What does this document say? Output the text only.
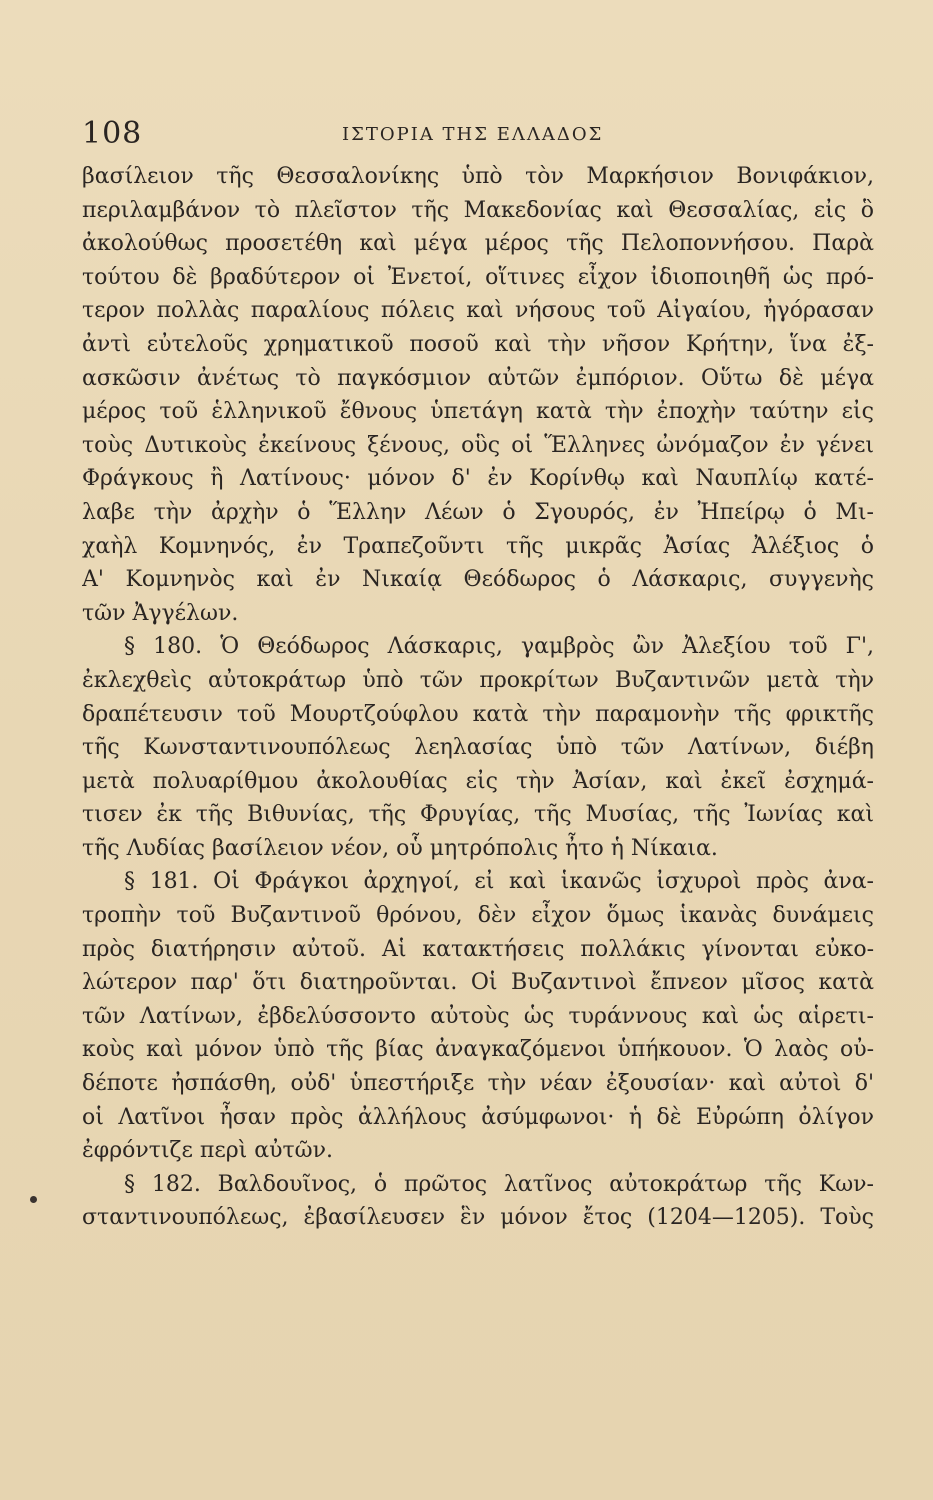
108	ΙΣΤΟΡΙΑ ΤΗΣ ΕΛΛΑΔΟΣ
βασίλειον τῆς Θεσσαλονίκης ὑπὸ τὸν Μαρκήσιον Βονιφάκιον,
περιλαμβάνον τὸ πλεῖστον τῆς Μακεδονίας καὶ Θεσσαλίας, εἰς ὃ
ἀκολούθως προσετέθη καὶ μέγα μέρος τῆς Πελοποννήσου. Παρὰ
τούτου δὲ βραδύτερον οἱ Ἐνετοί, οἵτινες εἶχον ἰδιοποιηθῆ ὡς πρό-
τερον πολλὰς παραλίους πόλεις καὶ νήσους τοῦ Αἰγαίου, ἠγόρασαν
ἀντὶ εὐτελοῦς χρηματικοῦ ποσοῦ καὶ τὴν νῆσον Κρήτην, ἵνα ἐξ-
ασκῶσιν ἀνέτως τὸ παγκόσμιον αὐτῶν ἐμπόριον. Οὕτω δὲ μέγα
μέρος τοῦ ἑλληνικοῦ ἔθνους ὑπετάγη κατὰ τὴν ἐποχὴν ταύτην εἰς
τοὺς Δυτικοὺς ἐκείνους ξένους, οὓς οἱ Ἕλληνες ὠνόμαζον ἐν γένει
Φράγκους ἢ Λατίνους· μόνον δ' ἐν Κορίνθῳ καὶ Ναυπλίῳ κατέ-
λαβε τὴν ἀρχὴν ὁ Ἕλλην Λέων ὁ Σγουρός, ἐν Ἠπείρῳ ὁ Μι-
χαὴλ Κομνηνός, ἐν Τραπεζοῦντι τῆς μικρᾶς Ἀσίας Ἀλέξιος ὁ
Α' Κομνηνὸς καὶ ἐν Νικαίᾳ Θεόδωρος ὁ Λάσκαρις, συγγενὴς
τῶν Ἀγγέλων.
§ 180. Ὁ Θεόδωρος Λάσκαρις, γαμβρὸς ὢν Ἀλεξίου τοῦ Γ',
ἐκλεχθεὶς αὐτοκράτωρ ὑπὸ τῶν προκρίτων Βυζαντινῶν μετὰ τὴν
δραπέτευσιν τοῦ Μουρτζούφλου κατὰ τὴν παραμονὴν τῆς φρικτῆς
τῆς Κωνσταντινουπόλεως λεηλασίας ὑπὸ τῶν Λατίνων, διέβη
μετὰ πολυαρίθμου ἀκολουθίας εἰς τὴν Ἀσίαν, καὶ ἐκεῖ ἐσχημά-
τισεν ἐκ τῆς Βιθυνίας, τῆς Φρυγίας, τῆς Μυσίας, τῆς Ἰωνίας καὶ
τῆς Λυδίας βασίλειον νέον, οὗ μητρόπολις ἦτο ἡ Νίκαια.
§ 181. Οἱ Φράγκοι ἀρχηγοί, εἰ καὶ ἱκανῶς ἰσχυροὶ πρὸς ἀνα-
τροπὴν τοῦ Βυζαντινοῦ θρόνου, δὲν εἶχον ὅμως ἱκανὰς δυνάμεις
πρὸς διατήρησιν αὐτοῦ. Αἱ κατακτήσεις πολλάκις γίνονται εὐκο-
λώτερον παρ' ὅτι διατηροῦνται. Οἱ Βυζαντινοὶ ἔπνεον μῖσος κατὰ
τῶν Λατίνων, ἐβδελύσσοντο αὐτοὺς ὡς τυράννους καὶ ὡς αἱρετι-
κοὺς καὶ μόνον ὑπὸ τῆς βίας ἀναγκαζόμενοι ὑπήκουον. Ὁ λαὸς οὐ-
δέποτε ἠσπάσθη, οὐδ' ὑπεστήριξε τὴν νέαν ἐξουσίαν· καὶ αὐτοὶ δ'
οἱ Λατῖνοι ἦσαν πρὸς ἀλλήλους ἀσύμφωνοι· ἡ δὲ Εὐρώπη ὀλίγον
ἐφρόντιζε περὶ αὐτῶν.
§ 182. Βαλδουῖνος, ὁ πρῶτος λατῖνος αὐτοκράτωρ τῆς Κων-
σταντινουπόλεως, ἐβασίλευσεν ἓν μόνον ἔτος (1204—1205). Τοὺς
